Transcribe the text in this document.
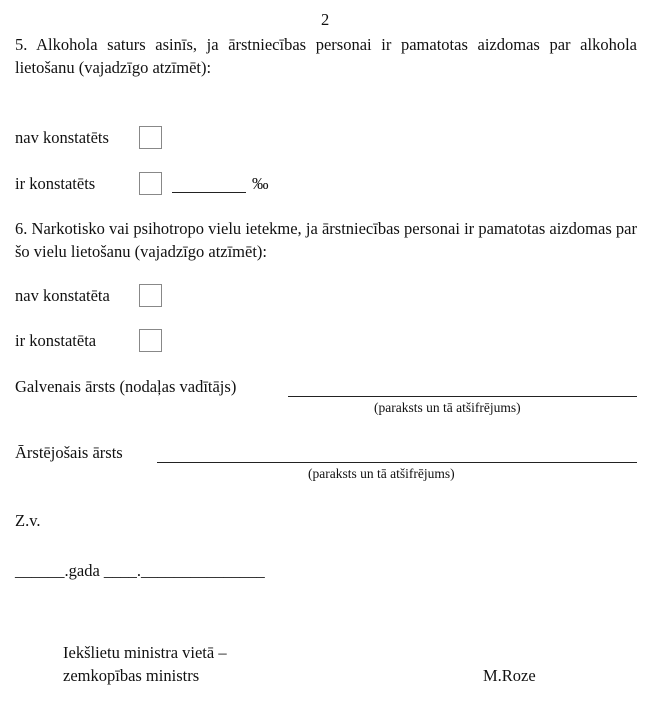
2
5. Alkohola saturs asinīs, ja ārstniecības personai ir pamatotas aizdomas par alkohola lietošanu (vajadzīgo atzīmēt):
nav konstatēts
ir konstatēts	‰
6. Narkotisko vai psihotropo vielu ietekme, ja ārstniecības personai ir pamatotas aizdomas par šo vielu lietošanu (vajadzīgo atzīmēt):
nav konstatēta
ir konstatēta
Galvenais ārsts (nodaļas vadītājs)
(paraksts un tā atšifrējums)
Ārstējošais ārsts
(paraksts un tā atšifrējums)
Z.v.
______.gada ____._______________
Iekšlietu ministra vietā –
zemkopības ministrs	M.Roze
